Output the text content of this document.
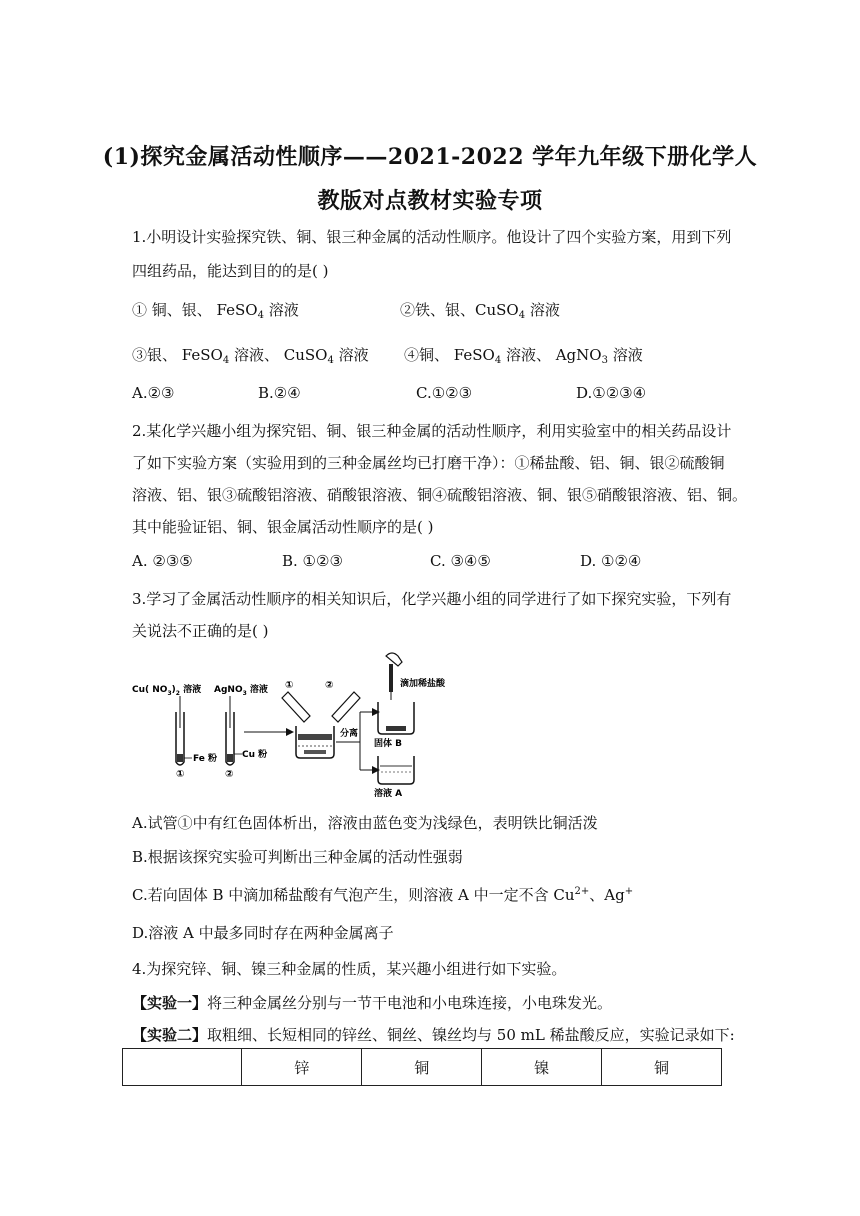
(1)探究金属活动性顺序——2021-2022 学年九年级下册化学人
教版对点教材实验专项
1.小明设计实验探究铁、铜、银三种金属的活动性顺序。他设计了四个实验方案，用到下列
四组药品，能达到目的的是( )
① 铜、银、 FeSO$_4$ 溶液	②铁、银、CuSO$_4$ 溶液
③银、 FeSO$_4$ 溶液、 CuSO$_4$ 溶液 ④铜、 FeSO$_4$ 溶液、 AgNO$_3$ 溶液
A.②③	B.②④	C.①②③	D.①②③④
2.某化学兴趣小组为探究铝、铜、银三种金属的活动性顺序，利用实验室中的相关药品设计
了如下实验方案（实验用到的三种金属丝均已打磨干净）：①稀盐酸、铝、铜、银②硫酸铜
溶液、铝、银③硫酸铝溶液、硝酸银溶液、铜④硫酸铝溶液、铜、银⑤硝酸银溶液、铝、铜。
其中能验证铝、铜、银金属活动性顺序的是( )
A. ②③⑤	B. ①②③	C. ③④⑤	D. ①②④
3.学习了金属活动性顺序的相关知识后，化学兴趣小组的同学进行了如下探究实验，下列有
关说法不正确的是( )
Cu( $NO_3)_2$ 溶液 AgNO$_3$ 溶液
Fe 粉
①
Cu 粉
②
①	②
分离
滴加稀盐酸
固体 B
溶液 A
A.试管①中有红色固体析出，溶液由蓝色变为浅绿色，表明铁比铜活泼
B.根据该探究实验可判断出三种金属的活动性强弱
C.若向固体 B 中滴加稀盐酸有气泡产生，则溶液 A 中一定不含 $Cu^{2+}$、Ag+
D.溶液 A 中最多同时存在两种金属离子
4.为探究锌、铜、镍三种金属的性质，某兴趣小组进行如下实验。
【实验一】将三种金属丝分别与一节干电池和小电珠连接，小电珠发光。
【实验二】取粗细、长短相同的锌丝、铜丝、镍丝均与 50 mL 稀盐酸反应，实验记录如下:
	锌	铜	镍	铜
